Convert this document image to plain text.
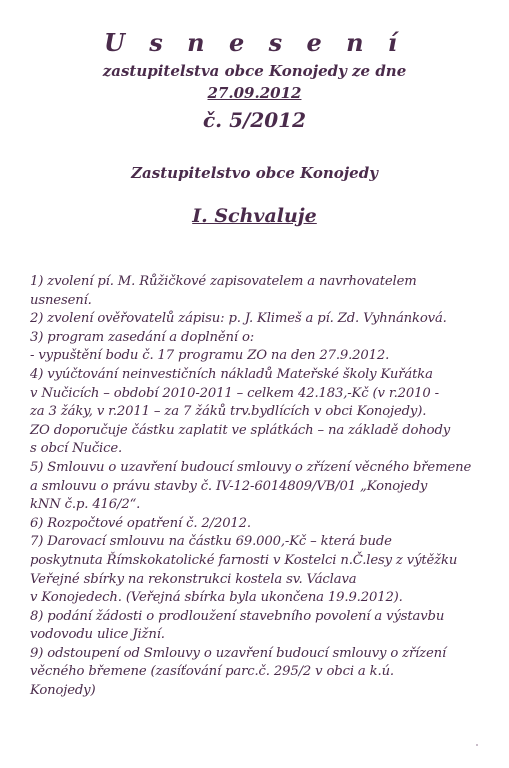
U s n e s e n í
zastupitelstva obce Konojedy ze dne
27.09.2012
č. 5/2012
Zastupitelstvo obce Konojedy
I. Schvaluje
1) zvolení pí. M. Růžičkové zapisovatelem a navrhovatelem
usnesení.
2) zvolení ověřovatelů zápisu: p. J. Klimeš a pí. Zd. Vyhnánková.
3) program zasedání a doplnění o:
- vypuštění bodu č. 17 programu ZO na den 27.9.2012.
4) vyúčtování neinvestičních nákladů Mateřské školy Kuřátka
v Nučicích – období 2010-2011 – celkem 42.183,-Kč (v r.2010 -
za 3 žáky, v r.2011 – za 7 žáků trv.bydlících v obci Konojedy).
ZO doporučuje částku zaplatit ve splátkách – na základě dohody
s obcí Nučice.
5) Smlouvu o uzavření budoucí smlouvy o zřízení věcného břemene
a smlouvu o právu stavby č. IV-12-6014809/VB/01 „Konojedy
kNN č.p. 416/2“.
6) Rozpočtové opatření č. 2/2012.
7) Darovací smlouvu na částku 69.000,-Kč – která bude
poskytnuta Římskokatolické farnosti v Kostelci n.Č.lesy z výtěžku
Veřejné sbírky na rekonstrukci kostela sv. Václava
v Konojedech. (Veřejná sbírka byla ukončena 19.9.2012).
8) podání žádosti o prodloužení stavebního povolení a výstavbu
vodovodu ulice Jižní.
9) odstoupení od Smlouvy o uzavření budoucí smlouvy o zřízení
věcného břemene (zasíťování parc.č. 295/2 v obci a k.ú.
Konojedy)
